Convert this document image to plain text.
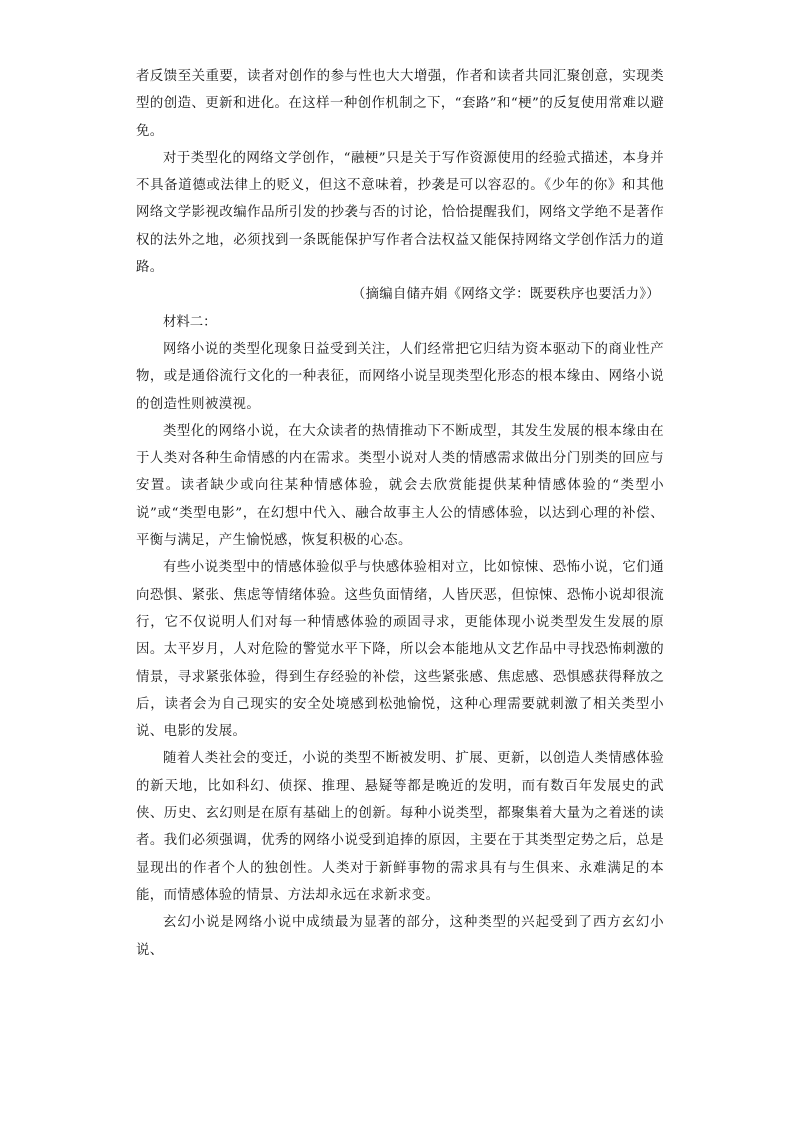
者反馈至关重要，读者对创作的参与性也大大增强，作者和读者共同汇聚创意，实现类型的创造、更新和进化。在这样一种创作机制之下，“套路”和“梗”的反复使用常难以避免。

对于类型化的网络文学创作，“融梗”只是关于写作资源使用的经验式描述，本身并不具备道德或法律上的贬义，但这不意味着，抄袭是可以容忍的。《少年的你》和其他网络文学影视改编作品所引发的抄袭与否的讨论，恰恰提醒我们，网络文学绝不是著作权的法外之地，必须找到一条既能保护写作者合法权益又能保持网络文学创作活力的道路。

（摘编自储卉娟《网络文学：既要秩序也要活力》）

材料二：

网络小说的类型化现象日益受到关注，人们经常把它归结为资本驱动下的商业性产物，或是通俗流行文化的一种表征，而网络小说呈现类型化形态的根本缘由、网络小说的创造性则被漠视。

类型化的网络小说，在大众读者的热情推动下不断成型，其发生发展的根本缘由在于人类对各种生命情感的内在需求。类型小说对人类的情感需求做出分门别类的回应与安置。读者缺少或向往某种情感体验，就会去欣赏能提供某种情感体验的“类型小说”或“类型电影”，在幻想中代入、融合故事主人公的情感体验，以达到心理的补偿、平衡与满足，产生愉悦感，恢复积极的心态。

有些小说类型中的情感体验似乎与快感体验相对立，比如惊悚、恐怖小说，它们通向恐惧、紧张、焦虑等情绪体验。这些负面情绪，人皆厌恶，但惊悚、恐怖小说却很流行，它不仅说明人们对每一种情感体验的顽固寻求，更能体现小说类型发生发展的原因。太平岁月，人对危险的警觉水平下降，所以会本能地从文艺作品中寻找恐怖刺激的情景，寻求紧张体验，得到生存经验的补偿，这些紧张感、焦虑感、恐惧感获得释放之后，读者会为自己现实的安全处境感到松弛愉悦，这种心理需要就刺激了相关类型小说、电影的发展。

随着人类社会的变迁，小说的类型不断被发明、扩展、更新，以创造人类情感体验的新天地，比如科幻、侦探、推理、悬疑等都是晚近的发明，而有数百年发展史的武侠、历史、玄幻则是在原有基础上的创新。每种小说类型，都聚集着大量为之着迷的读者。我们必须强调，优秀的网络小说受到追捧的原因，主要在于其类型定势之后，总是显现出的作者个人的独创性。人类对于新鲜事物的需求具有与生俱来、永难满足的本能，而情感体验的情景、方法却永远在求新求变。

玄幻小说是网络小说中成绩最为显著的部分，这种类型的兴起受到了西方玄幻小说、
